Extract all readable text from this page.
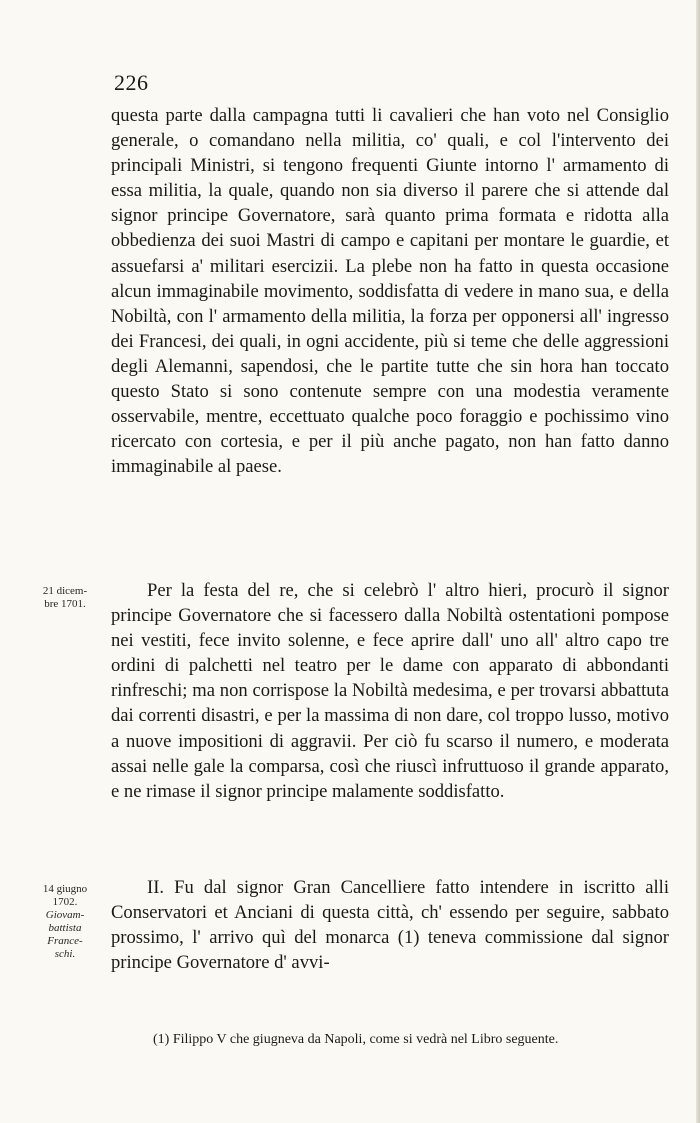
226

questa parte dalla campagna tutti li cavalieri che han voto nel Consiglio generale, o comandano nella militia, co' quali, e col l'intervento dei principali Ministri, si tengono frequenti Giunte intorno l' armamento di essa militia, la quale, quando non sia diverso il parere che si attende dal signor principe Governatore, sarà quanto prima formata e ridotta alla obbedienza dei suoi Mastri di campo e capitani per montare le guardie, et assuefarsi a' militari esercizii. La plebe non ha fatto in questa occasione alcun immaginabile movimento, soddisfatta di vedere in mano sua, e della Nobiltà, con l' armamento della militia, la forza per opponersi all' ingresso dei Francesi, dei quali, in ogni accidente, più si teme che delle aggressioni degli Alemanni, sapendosi, che le partite tutte che sin hora han toccato questo Stato si sono contenute sempre con una modestia veramente osservabile, mentre, eccettuato qualche poco foraggio e pochissimo vino ricercato con cortesia, e per il più anche pagato, non han fatto danno immaginabile al paese.

21 dicem-
bre 1701.

Per la festa del re, che si celebrò l' altro hieri, procurò il signor principe Governatore che si facessero dalla Nobiltà ostentationi pompose nei vestiti, fece invito solenne, e fece aprire dall' uno all' altro capo tre ordini di palchetti nel teatro per le dame con apparato di abbondanti rinfreschi; ma non corrispose la Nobiltà medesima, e per trovarsi abbattuta dai correnti disastri, e per la massima di non dare, col troppo lusso, motivo a nuove impositioni di aggravii. Per ciò fu scarso il numero, e moderata assai nelle gale la comparsa, così che riuscì infruttuoso il grande apparato, e ne rimase il signor principe malamente soddisfatto.

14 giugno
1702.
Giovam-
battista
France-
schi.

II. Fu dal signor Gran Cancelliere fatto intendere in iscritto alli Conservatori et Anciani di questa città, ch' essendo per seguire, sabbato prossimo, l' arrivo quì del monarca (1) teneva commissione dal signor principe Governatore d' avvi-

(1) Filippo V che giugneva da Napoli, come si vedrà nel Libro seguente.
